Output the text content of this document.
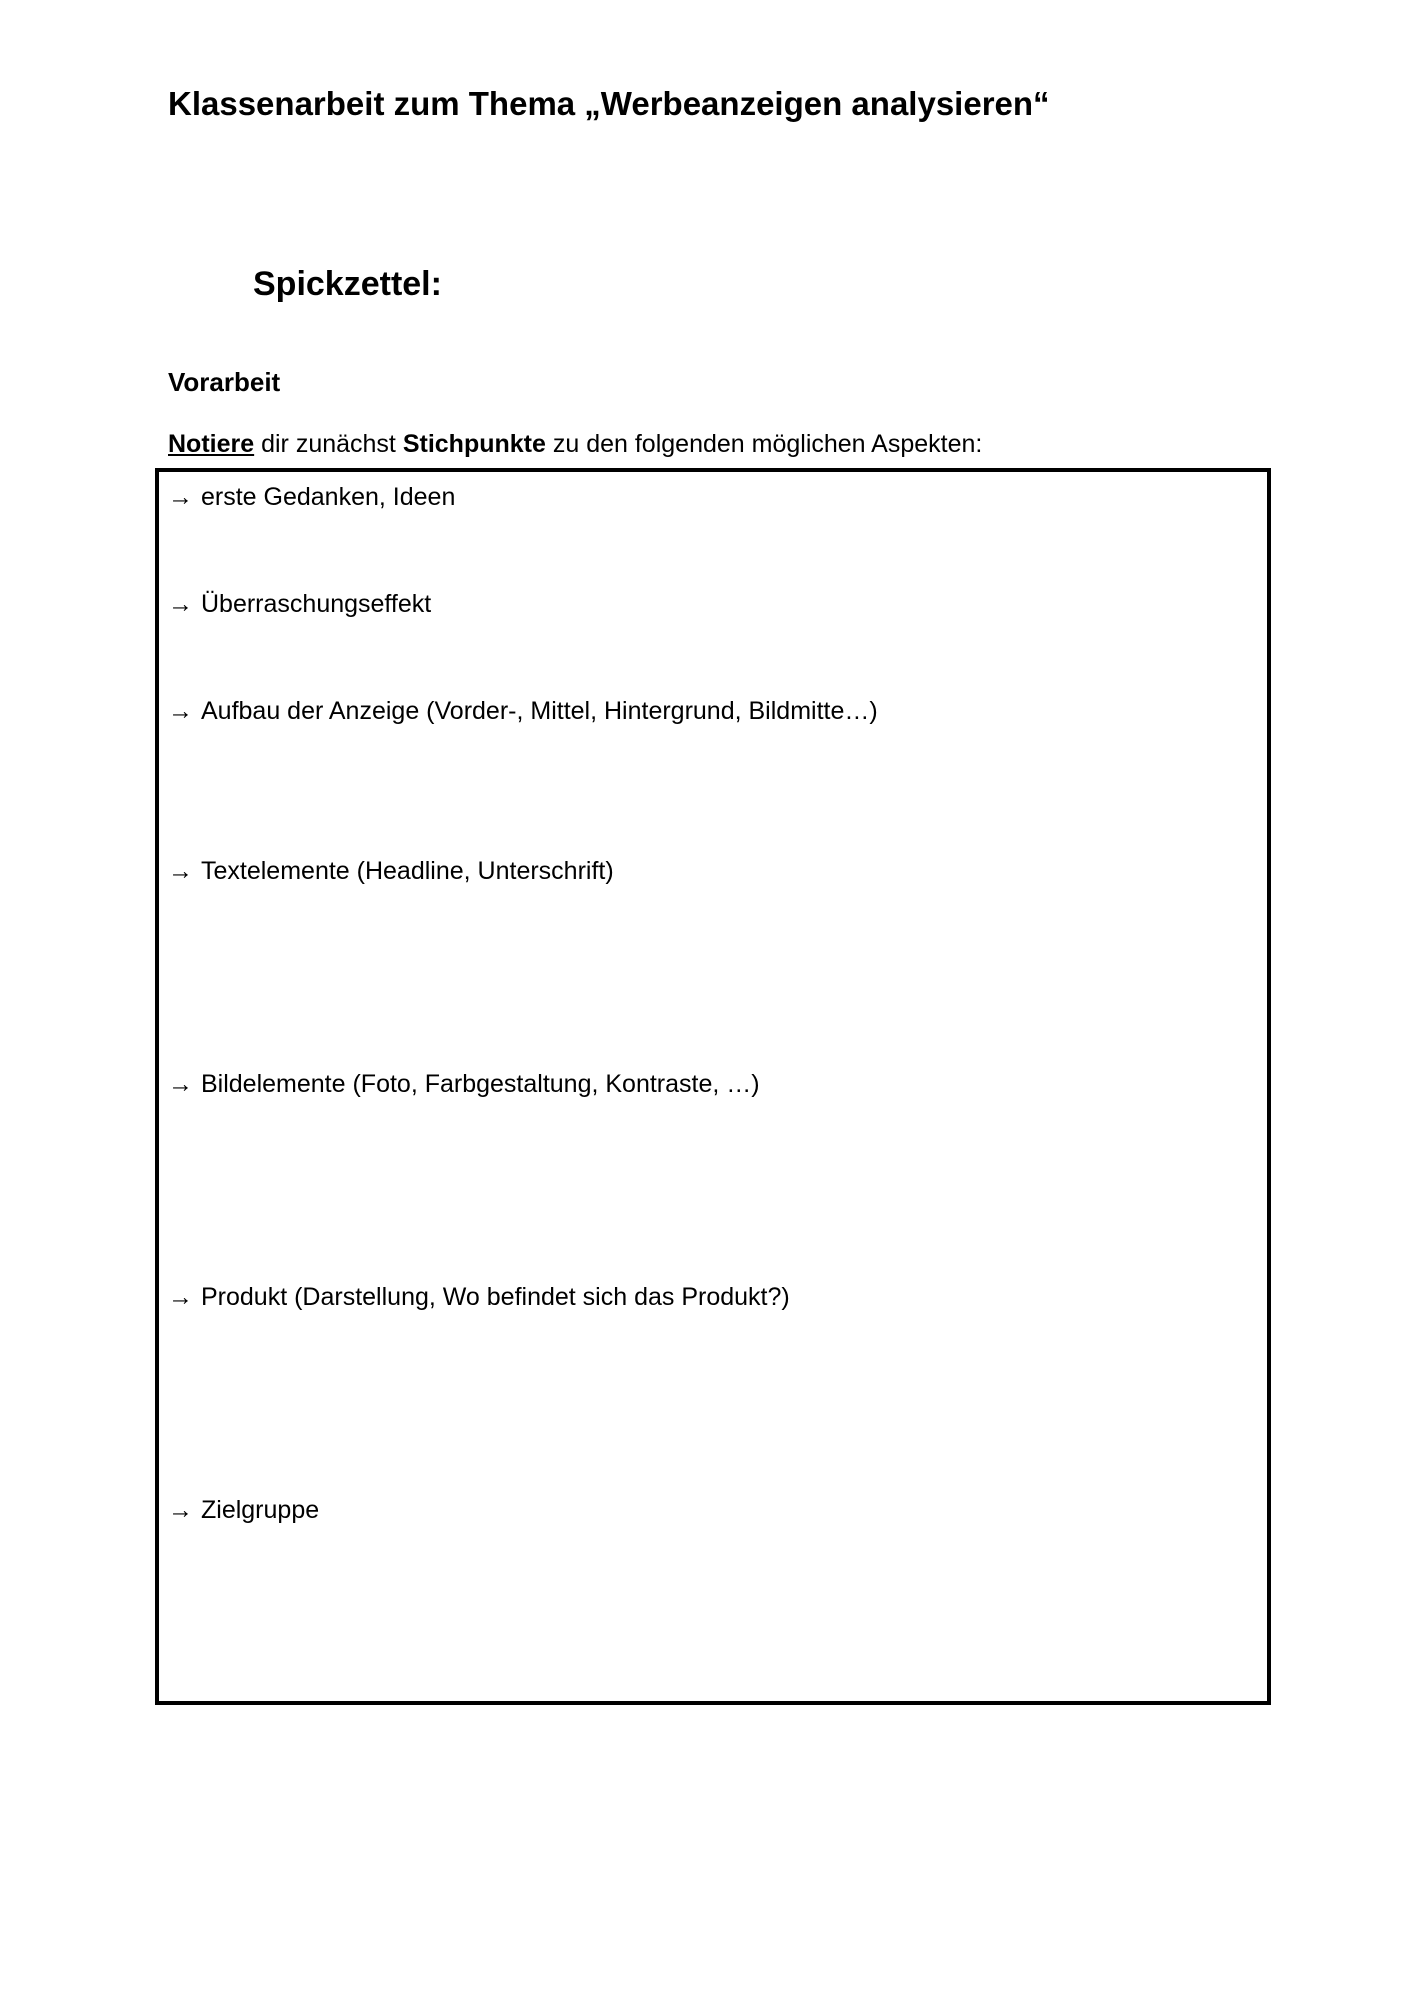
Klassenarbeit zum Thema „Werbeanzeigen analysieren“
Spickzettel:
Vorarbeit
Notiere dir zunächst Stichpunkte zu den folgenden möglichen Aspekten:
→ erste Gedanken, Ideen
→ Überraschungseffekt
→ Aufbau der Anzeige (Vorder-, Mittel, Hintergrund, Bildmitte…)
→ Textelemente (Headline, Unterschrift)
→ Bildelemente (Foto, Farbgestaltung, Kontraste, …)
→ Produkt (Darstellung, Wo befindet sich das Produkt?)
→ Zielgruppe
